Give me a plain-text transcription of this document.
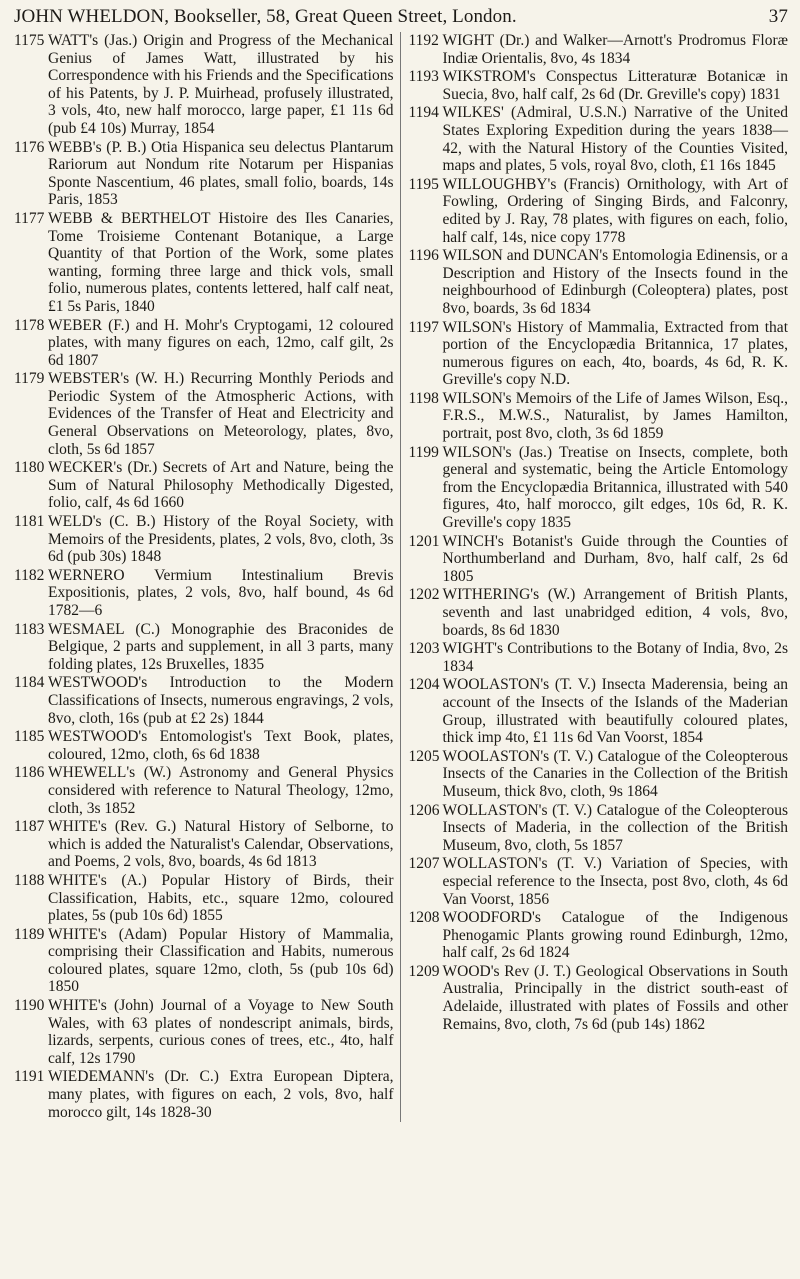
JOHN WHELDON, Bookseller, 58, Great Queen Street, London.	37
1175 WATT's (Jas.) Origin and Progress of the Mechanical Genius of James Watt, illustrated by his Correspondence with his Friends and the Specifications of his Patents, by J. P. Muirhead, profusely illustrated, 3 vols, 4to, new half morocco, large paper, £1 11s 6d (pub £4 10s) Murray, 1854
1176 WEBB's (P. B.) Otia Hispanica seu delectus Plantarum Rariorum aut Nondum rite Notarum per Hispanias Sponte Nascentium, 46 plates, small folio, boards, 14s Paris, 1853
1177 WEBB & BERTHELOT Histoire des Iles Canaries, Tome Troisieme Contenant Botanique, a Large Quantity of that Portion of the Work, some plates wanting, forming three large and thick vols, small folio, numerous plates, contents lettered, half calf neat, £1 5s Paris, 1840
1178 WEBER (F.) and H. Mohr's Cryptogami, 12 coloured plates, with many figures on each, 12mo, calf gilt, 2s 6d 1807
1179 WEBSTER's (W. H.) Recurring Monthly Periods and Periodic System of the Atmospheric Actions, with Evidences of the Transfer of Heat and Electricity and General Observations on Meteorology, plates, 8vo, cloth, 5s 6d 1857
1180 WECKER's (Dr.) Secrets of Art and Nature, being the Sum of Natural Philosophy Methodically Digested, folio, calf, 4s 6d 1660
1181 WELD's (C. B.) History of the Royal Society, with Memoirs of the Presidents, plates, 2 vols, 8vo, cloth, 3s 6d (pub 30s) 1848
1182 WERNERO Vermium Intestinalium Brevis Expositionis, plates, 2 vols, 8vo, half bound, 4s 6d 1782—6
1183 WESMAEL (C.) Monographie des Braconides de Belgique, 2 parts and supplement, in all 3 parts, many folding plates, 12s Bruxelles, 1835
1184 WESTWOOD's Introduction to the Modern Classifications of Insects, numerous engravings, 2 vols, 8vo, cloth, 16s (pub at £2 2s) 1844
1185 WESTWOOD's Entomologist's Text Book, plates, coloured, 12mo, cloth, 6s 6d 1838
1186 WHEWELL's (W.) Astronomy and General Physics considered with reference to Natural Theology, 12mo, cloth, 3s 1852
1187 WHITE's (Rev. G.) Natural History of Selborne, to which is added the Naturalist's Calendar, Observations, and Poems, 2 vols, 8vo, boards, 4s 6d 1813
1188 WHITE's (A.) Popular History of Birds, their Classification, Habits, etc., square 12mo, coloured plates, 5s (pub 10s 6d) 1855
1189 WHITE's (Adam) Popular History of Mammalia, comprising their Classification and Habits, numerous coloured plates, square 12mo, cloth, 5s (pub 10s 6d) 1850
1190 WHITE's (John) Journal of a Voyage to New South Wales, with 63 plates of nondescript animals, birds, lizards, serpents, curious cones of trees, etc., 4to, half calf, 12s 1790
1191 WIEDEMANN's (Dr. C.) Extra European Diptera, many plates, with figures on each, 2 vols, 8vo, half morocco gilt, 14s 1828-30
1192 WIGHT (Dr.) and Walker—Arnott's Prodromus Floræ Indiæ Orientalis, 8vo, 4s 1834
1193 WIKSTROM's Conspectus Litteraturæ Botanicæ in Suecia, 8vo, half calf, 2s 6d (Dr. Greville's copy) 1831
1194 WILKES' (Admiral, U.S.N.) Narrative of the United States Exploring Expedition during the years 1838—42, with the Natural History of the Counties Visited, maps and plates, 5 vols, royal 8vo, cloth, £1 16s 1845
1195 WILLOUGHBY's (Francis) Ornithology, with Art of Fowling, Ordering of Singing Birds, and Falconry, edited by J. Ray, 78 plates, with figures on each, folio, half calf, 14s, nice copy 1778
1196 WILSON and DUNCAN's Entomologia Edinensis, or a Description and History of the Insects found in the neighbourhood of Edinburgh (Coleoptera) plates, post 8vo, boards, 3s 6d 1834
1197 WILSON's History of Mammalia, Extracted from that portion of the Encyclopædia Britannica, 17 plates, numerous figures on each, 4to, boards, 4s 6d, R. K. Greville's copy N.D.
1198 WILSON's Memoirs of the Life of James Wilson, Esq., F.R.S., M.W.S., Naturalist, by James Hamilton, portrait, post 8vo, cloth, 3s 6d 1859
1199 WILSON's (Jas.) Treatise on Insects, complete, both general and systematic, being the Article Entomology from the Encyclopædia Britannica, illustrated with 540 figures, 4to, half morocco, gilt edges, 10s 6d, R. K. Greville's copy 1835
1201 WINCH's Botanist's Guide through the Counties of Northumberland and Durham, 8vo, half calf, 2s 6d 1805
1202 WITHERING's (W.) Arrangement of British Plants, seventh and last unabridged edition, 4 vols, 8vo, boards, 8s 6d 1830
1203 WIGHT's Contributions to the Botany of India, 8vo, 2s 1834
1204 WOOLASTON's (T. V.) Insecta Maderensia, being an account of the Insects of the Islands of the Maderian Group, illustrated with beautifully coloured plates, thick imp 4to, £1 11s 6d Van Voorst, 1854
1205 WOOLASTON's (T. V.) Catalogue of the Coleopterous Insects of the Canaries in the Collection of the British Museum, thick 8vo, cloth, 9s 1864
1206 WOLLASTON's (T. V.) Catalogue of the Coleopterous Insects of Maderia, in the collection of the British Museum, 8vo, cloth, 5s 1857
1207 WOLLASTON's (T. V.) Variation of Species, with especial reference to the Insecta, post 8vo, cloth, 4s 6d Van Voorst, 1856
1208 WOODFORD's Catalogue of the Indigenous Phenogamic Plants growing round Edinburgh, 12mo, half calf, 2s 6d 1824
1209 WOOD's Rev (J. T.) Geological Observations in South Australia, Principally in the district south-east of Adelaide, illustrated with plates of Fossils and other Remains, 8vo, cloth, 7s 6d (pub 14s) 1862
